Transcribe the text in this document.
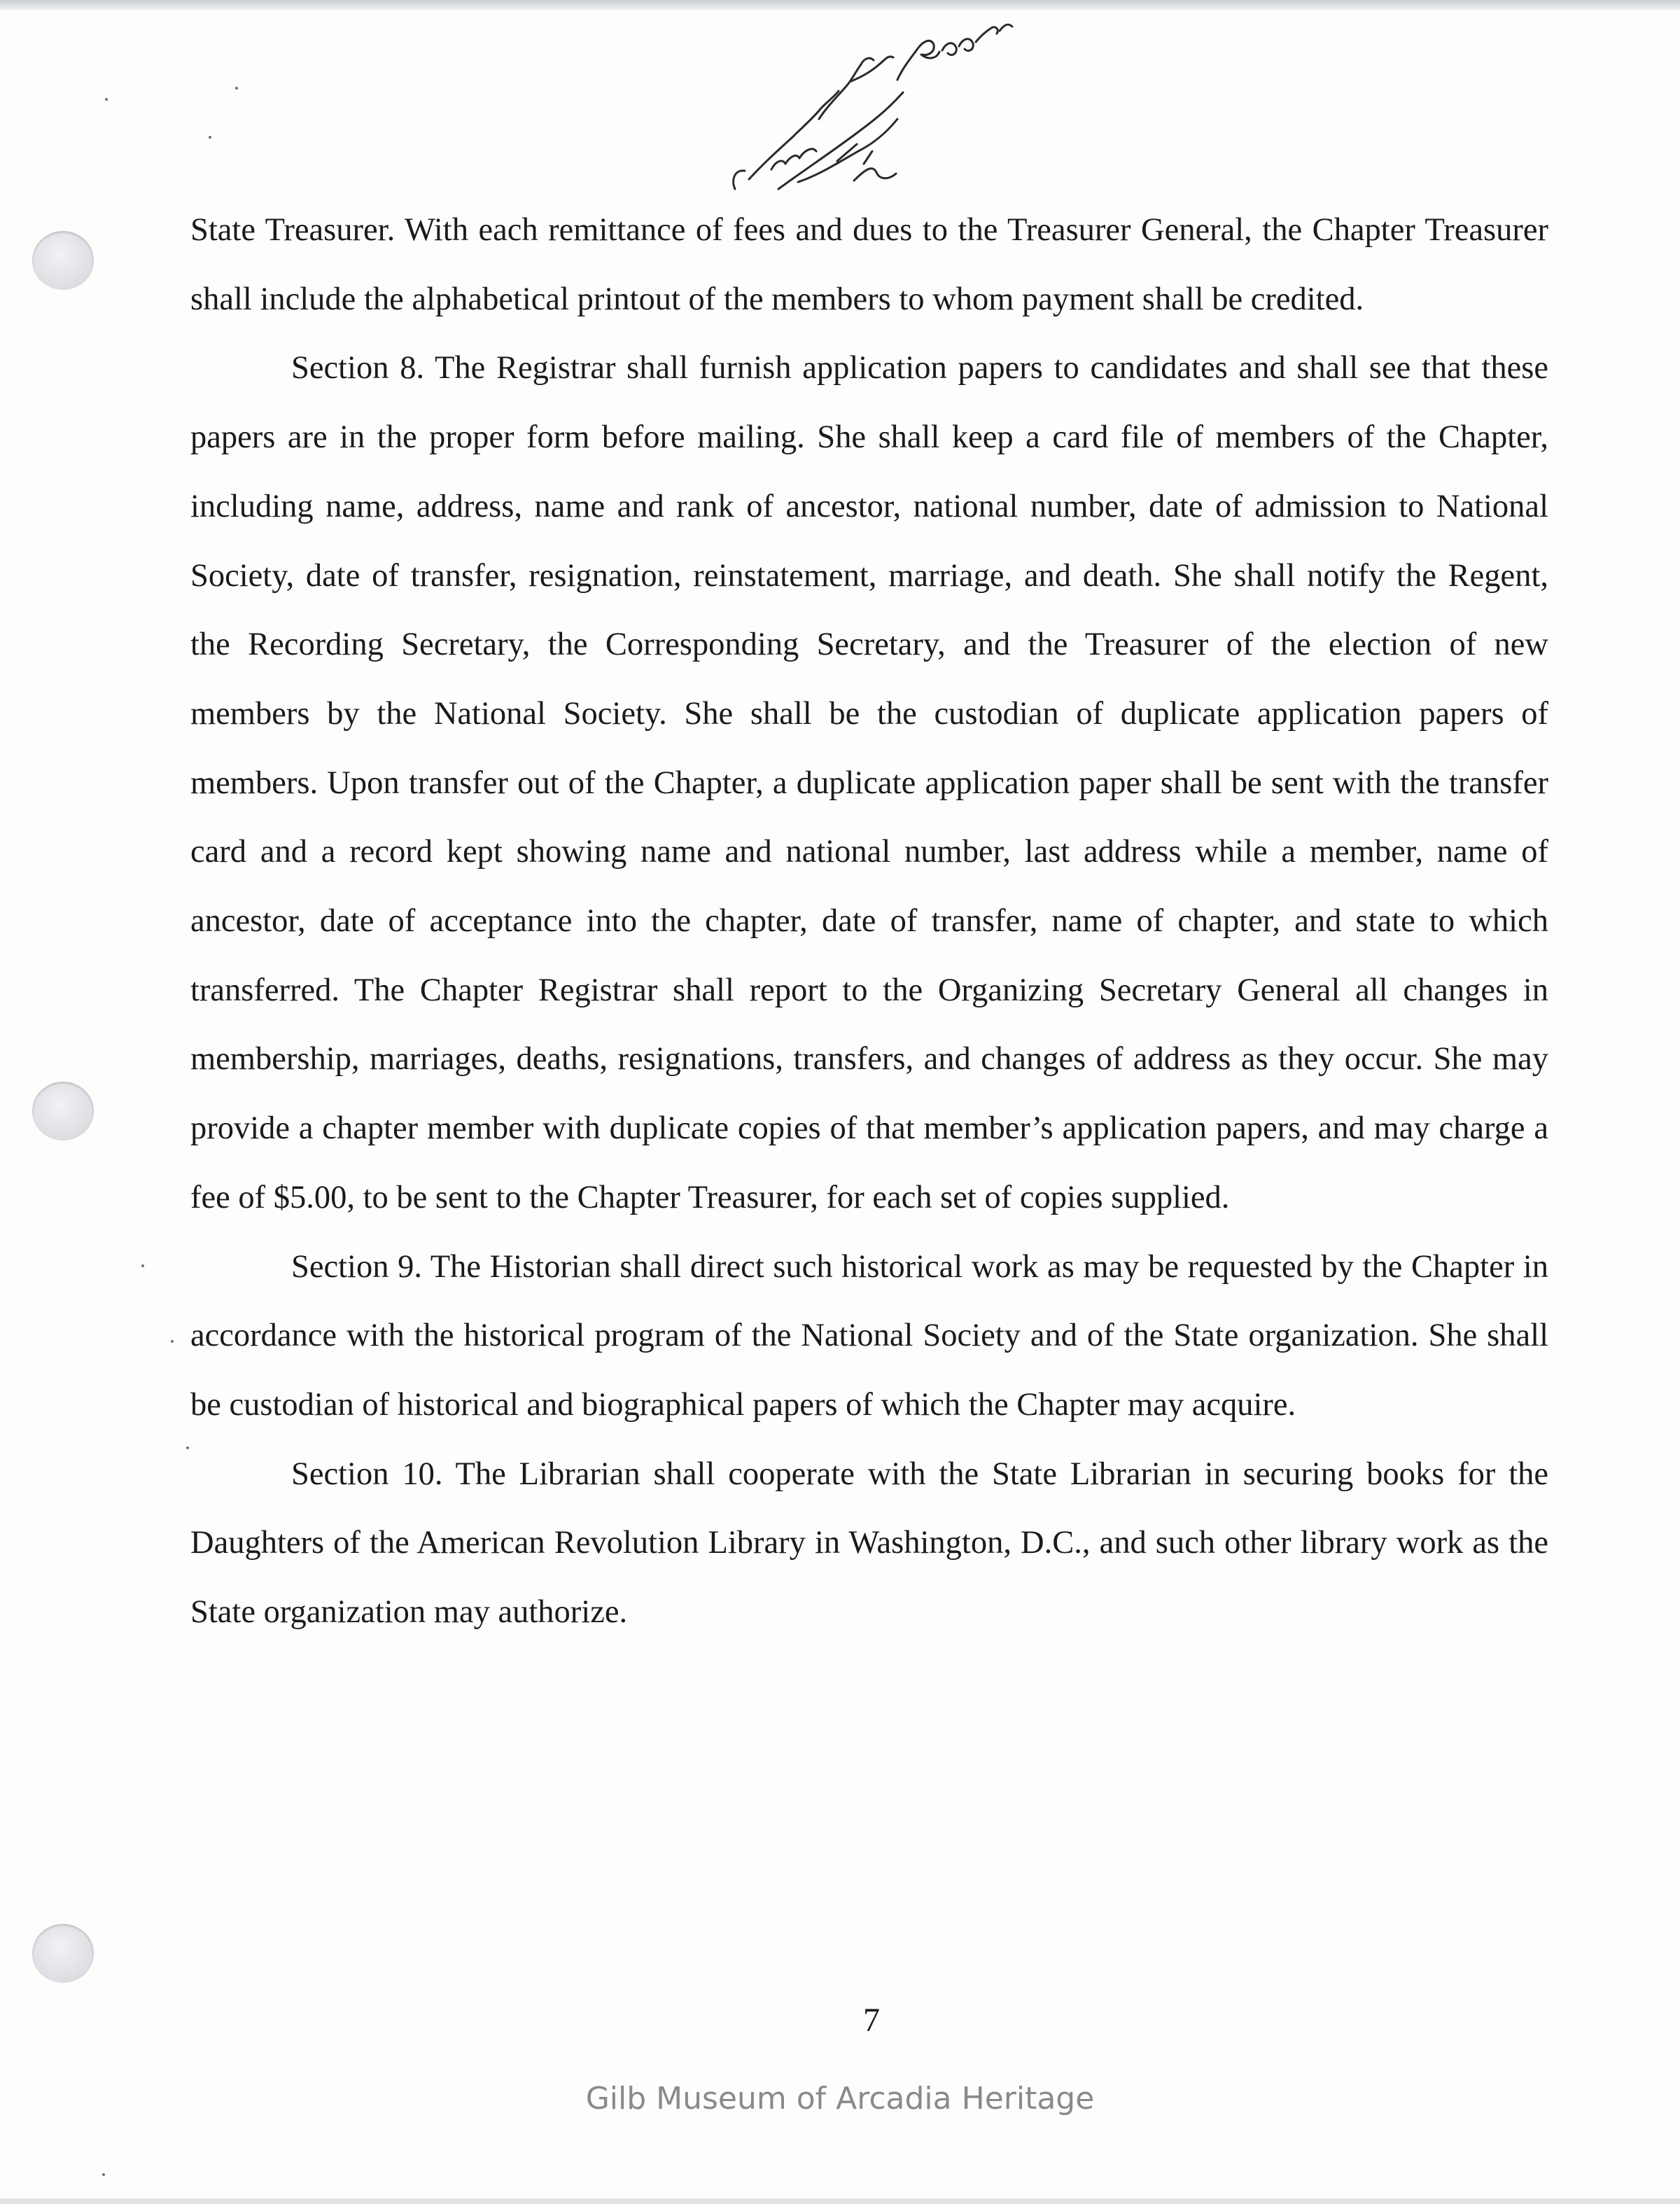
State Treasurer. With each remittance of fees and dues to the Treasurer General, the Chapter Treasurer shall include the alphabetical printout of the members to whom payment shall be credited.

Section 8. The Registrar shall furnish application papers to candidates and shall see that these papers are in the proper form before mailing. She shall keep a card file of members of the Chapter, including name, address, name and rank of ancestor, national number, date of admission to National Society, date of transfer, resignation, reinstatement, marriage, and death. She shall notify the Regent, the Recording Secretary, the Corresponding Secretary, and the Treasurer of the election of new members by the National Society. She shall be the custodian of duplicate application papers of members. Upon transfer out of the Chapter, a duplicate application paper shall be sent with the transfer card and a record kept showing name and national number, last address while a member, name of ancestor, date of acceptance into the chapter, date of transfer, name of chapter, and state to which transferred. The Chapter Registrar shall report to the Organizing Secretary General all changes in membership, marriages, deaths, resignations, transfers, and changes of address as they occur. She may provide a chapter member with duplicate copies of that member’s application papers, and may charge a fee of $5.00, to be sent to the Chapter Treasurer, for each set of copies supplied.

Section 9. The Historian shall direct such historical work as may be requested by the Chapter in accordance with the historical program of the National Society and of the State organization. She shall be custodian of historical and biographical papers of which the Chapter may acquire.

Section 10. The Librarian shall cooperate with the State Librarian in securing books for the Daughters of the American Revolution Library in Washington, D.C., and such other library work as the State organization may authorize.

7
Gilb Museum of Arcadia Heritage
